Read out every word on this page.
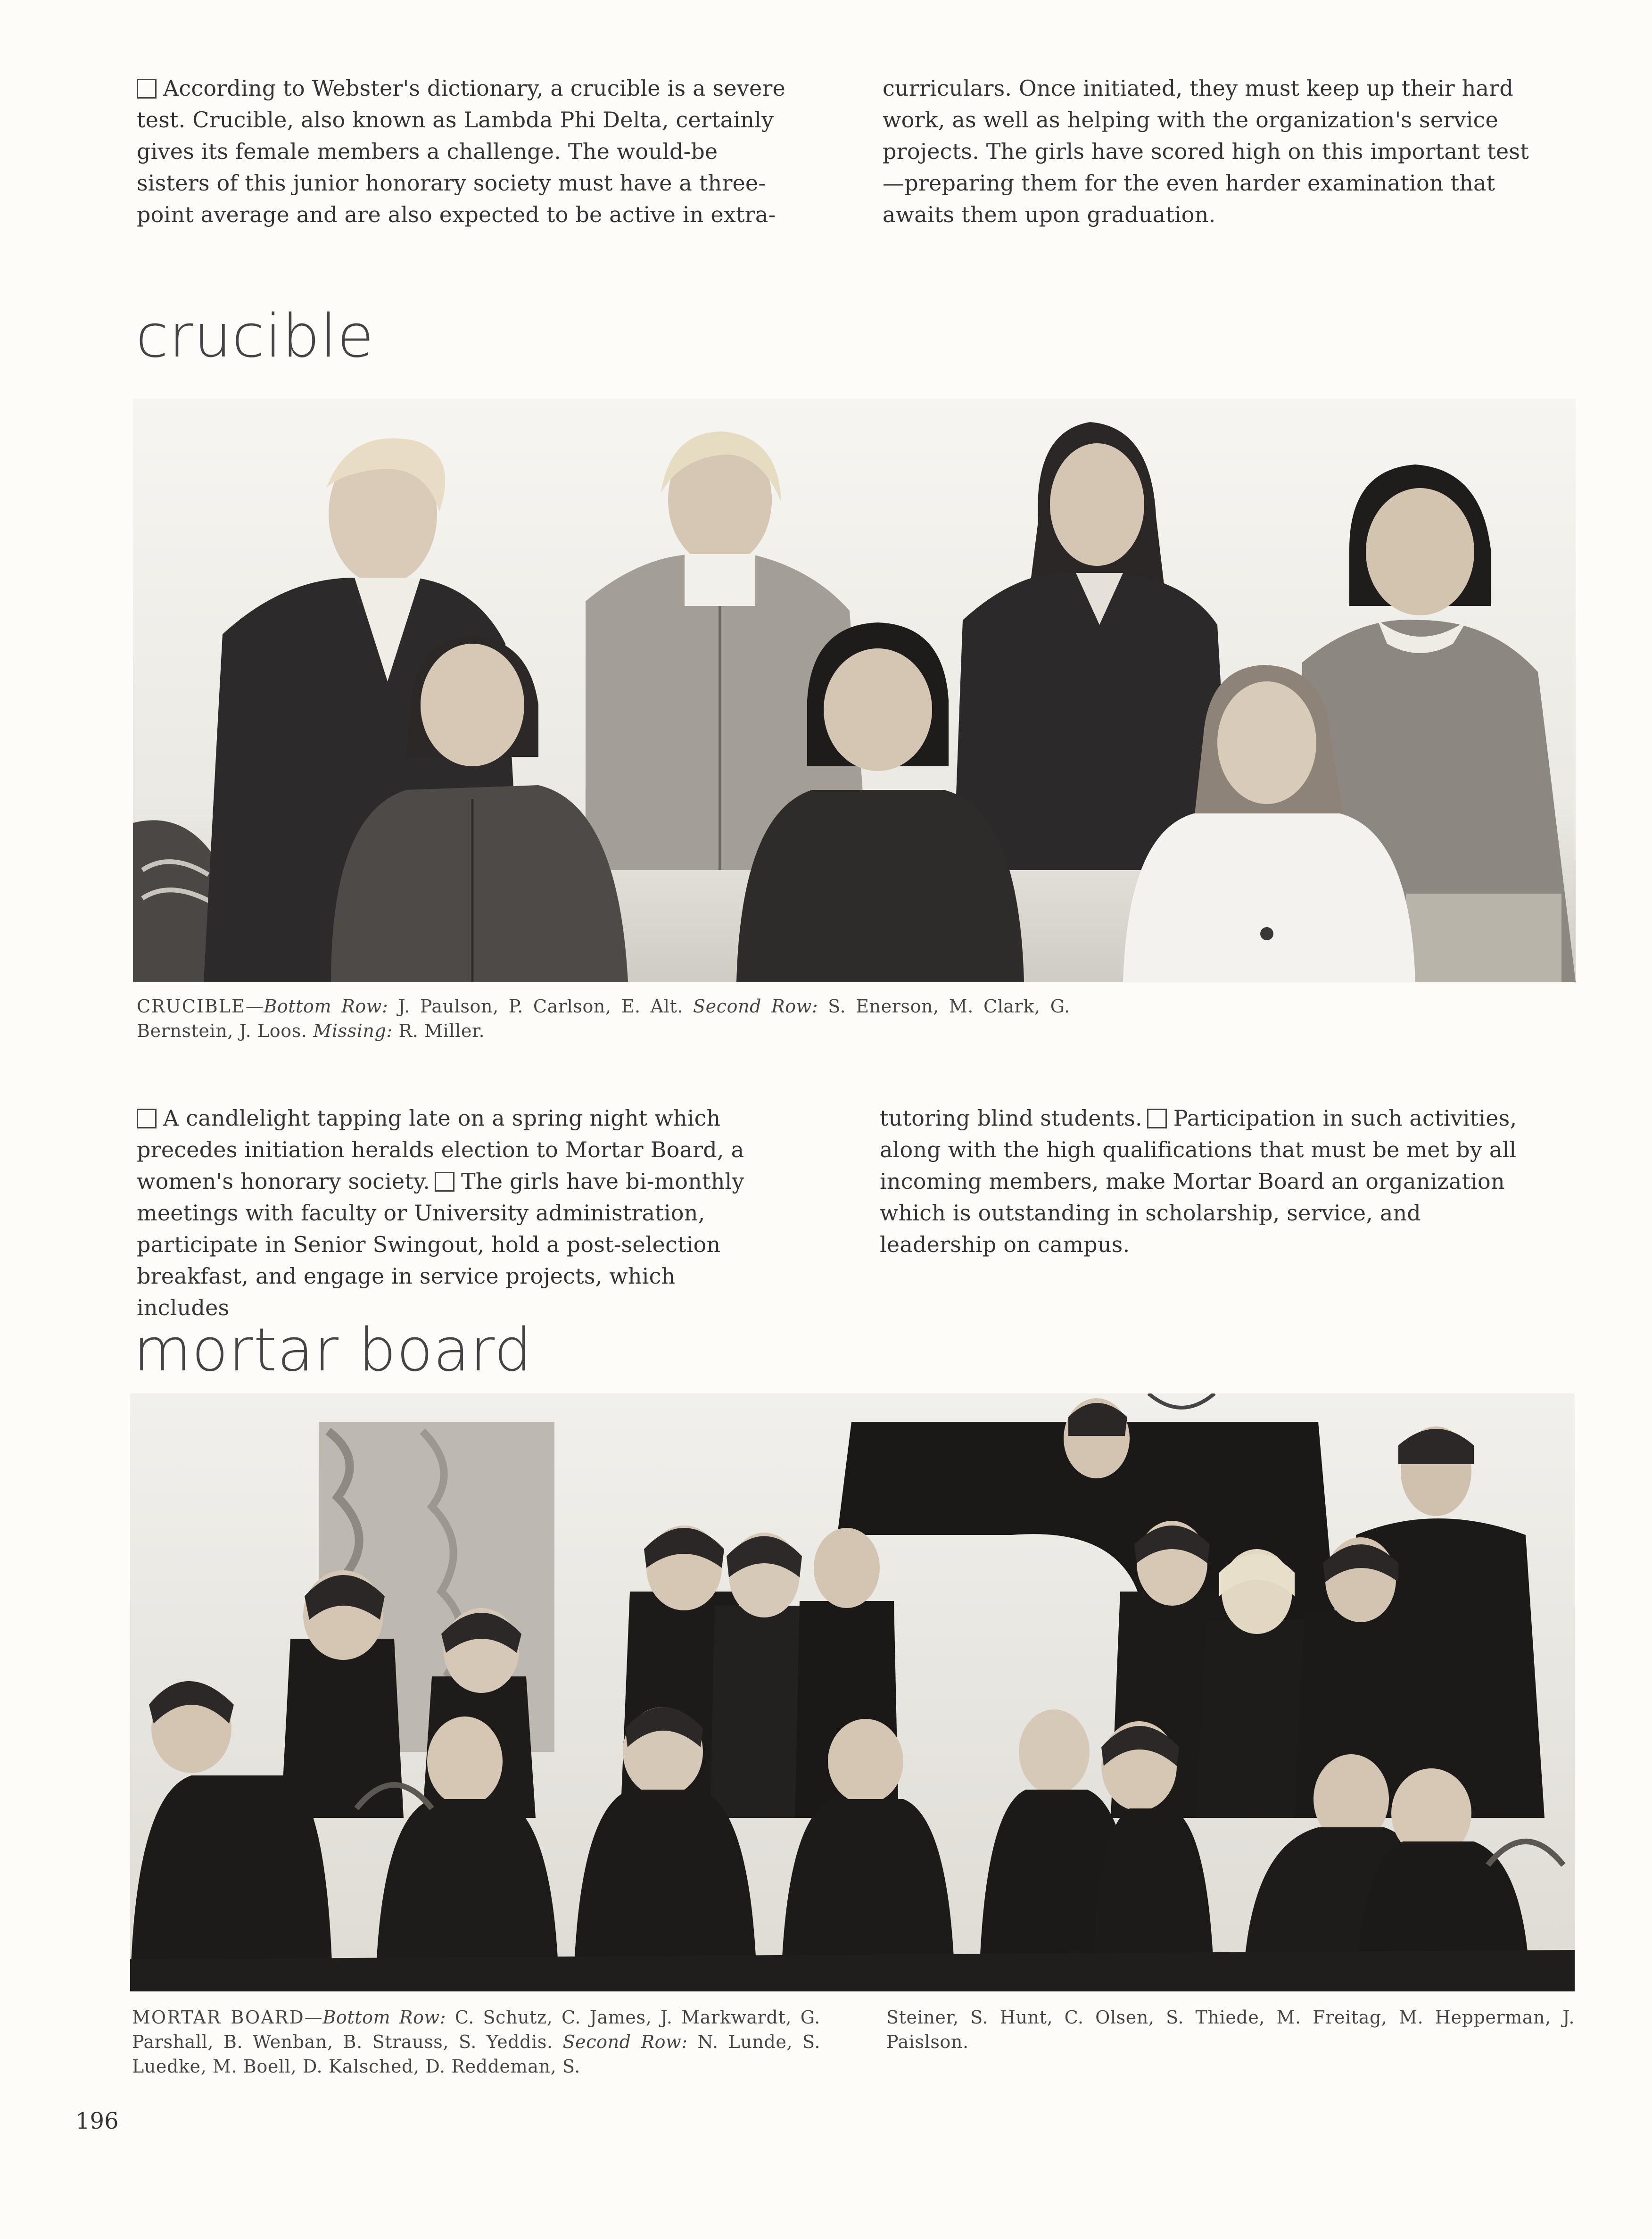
According to Webster's dictionary, a crucible is a severe test. Crucible, also known as Lambda Phi Delta, certainly gives its female members a challenge. The would-be sisters of this junior honorary society must have a three-point average and are also expected to be active in extra-

curriculars. Once initiated, they must keep up their hard work, as well as helping with the organization's service projects. The girls have scored high on this important test—preparing them for the even harder examination that awaits them upon graduation.

crucible

CRUCIBLE—Bottom Row: J. Paulson, P. Carlson, E. Alt. Second Row: S. Enerson, M. Clark, G. Bernstein, J. Loos. Missing: R. Miller.

A candlelight tapping late on a spring night which precedes initiation heralds election to Mortar Board, a women's honorary society. The girls have bi-monthly meetings with faculty or University administration, participate in Senior Swingout, hold a post-selection breakfast, and engage in service projects, which includes

tutoring blind students. Participation in such activities, along with the high qualifications that must be met by all incoming members, make Mortar Board an organization which is outstanding in scholarship, service, and leadership on campus.

mortar board

MORTAR BOARD—Bottom Row: C. Schutz, C. James, J. Markwardt, G. Parshall, B. Wenban, B. Strauss, S. Yeddis. Second Row: N. Lunde, S. Luedke, M. Boell, D. Kalsched, D. Reddeman, S.

Steiner, S. Hunt, C. Olsen, S. Thiede, M. Freitag, M. Hepperman, J. Paislson.

196
